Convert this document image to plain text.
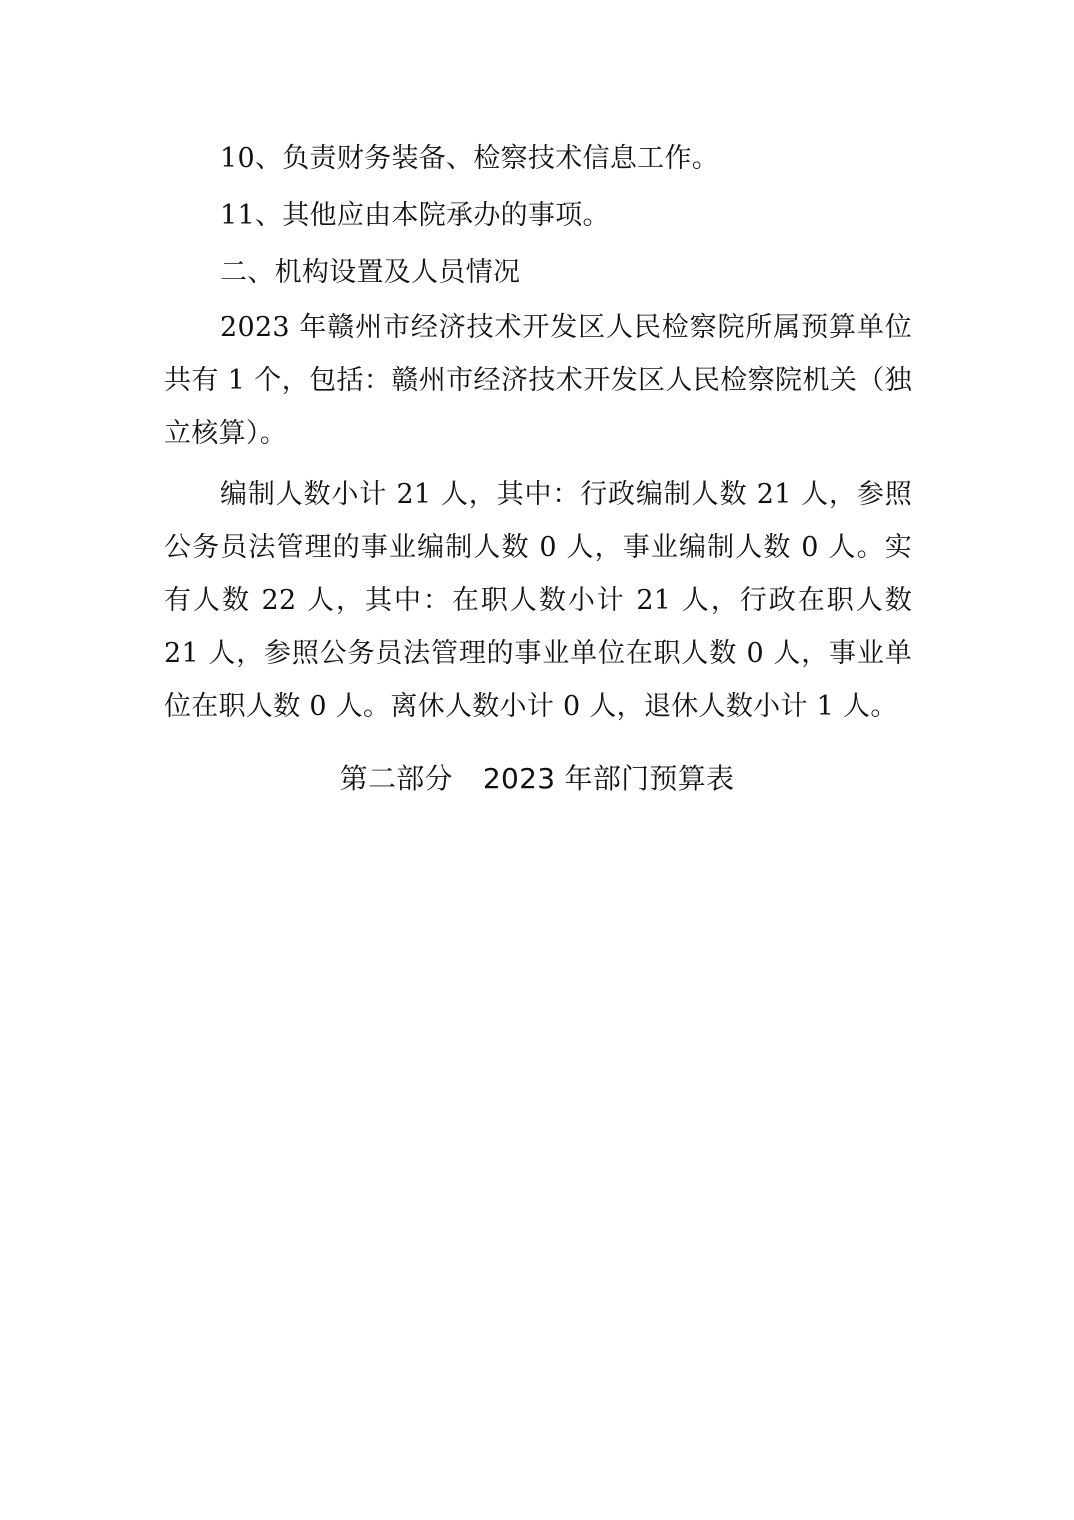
10、负责财务装备、检察技术信息工作。

11、其他应由本院承办的事项。

二、机构设置及人员情况

2023 年赣州市经济技术开发区人民检察院所属预算单位共有 1 个，包括：赣州市经济技术开发区人民检察院机关（独立核算）。

编制人数小计 21 人，其中：行政编制人数 21 人，参照公务员法管理的事业编制人数 0 人，事业编制人数 0 人。实有人数 22 人，其中：在职人数小计 21 人，行政在职人数 21 人，参照公务员法管理的事业单位在职人数 0 人，事业单位在职人数 0 人。离休人数小计 0 人，退休人数小计 1 人。

第二部分 2023 年部门预算表
